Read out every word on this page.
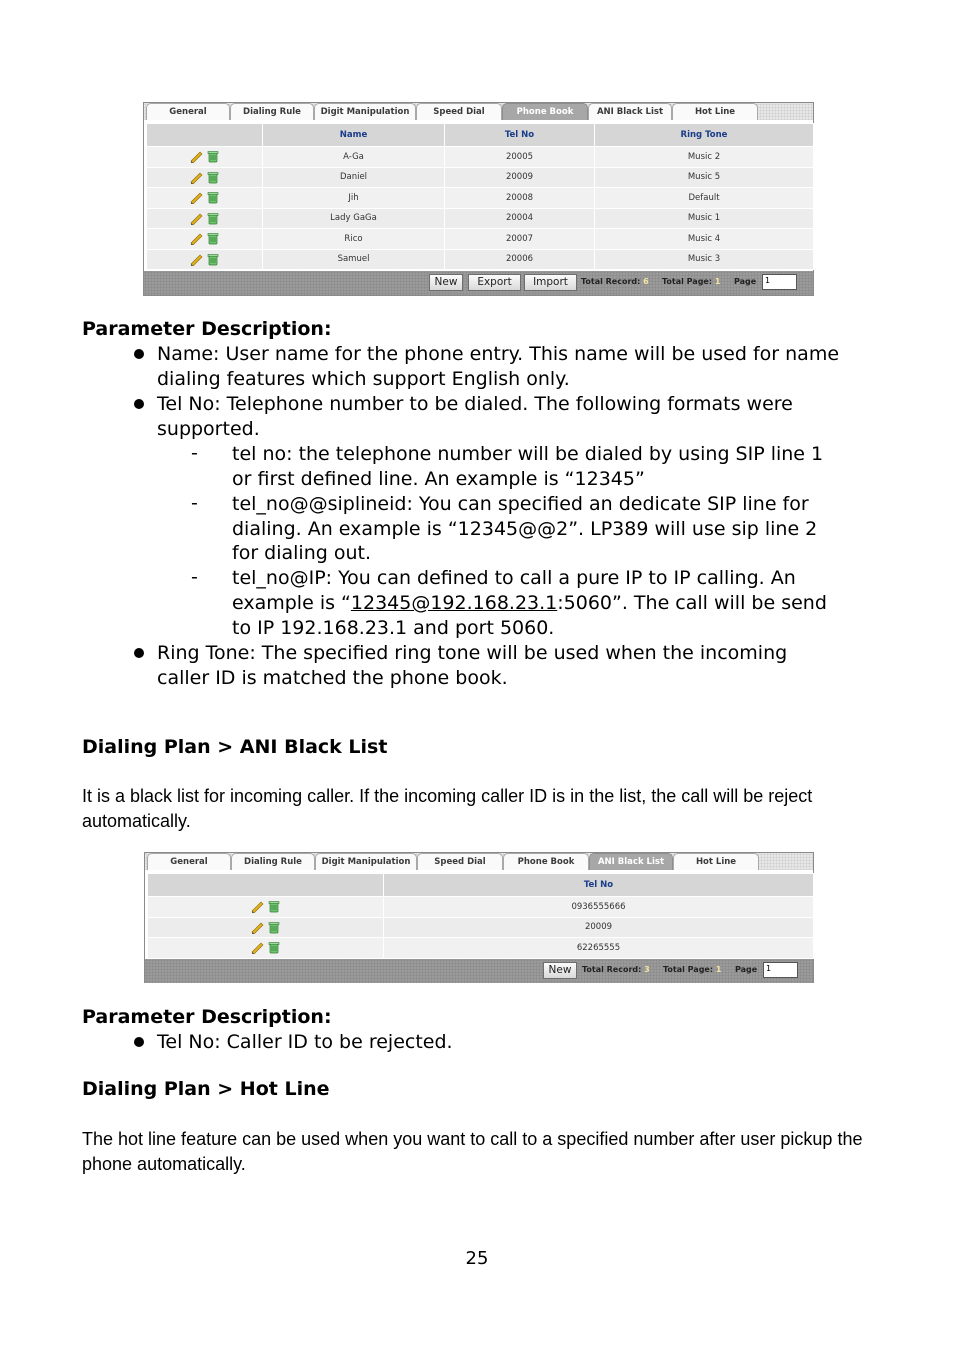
General	Dialing Rule	Digit Manipulation	Speed Dial	Phone Book	ANI Black List	Hot Line
	Name	Tel No	Ring Tone
	A-Ga	20005	Music 2
	Daniel	20009	Music 5
	Jih	20008	Default
	Lady GaGa	20004	Music 1
	Rico	20007	Music 4
	Samuel	20006	Music 3
New	Export	Import	Total Record: 6 Total Page: 1 Page	1
Parameter Description:
Name: User name for the phone entry. This name will be used for name
dialing features which support English only.
Tel No: Telephone number to be dialed. The following formats were
supported.
- tel no: the telephone number will be dialed by using SIP line 1
or first defined line. An example is “12345”
- tel_no@@siplineid: You can specified an dedicate SIP line for
dialing. An example is “12345@@2”. LP389 will use sip line 2
for dialing out.
- tel_no@IP: You can defined to call a pure IP to IP calling. An
example is “12345@192.168.23.1:5060”. The call will be send
to IP 192.168.23.1 and port 5060.
Ring Tone: The specified ring tone will be used when the incoming
caller ID is matched the phone book.
Dialing Plan > ANI Black List
It is a black list for incoming caller. If the incoming caller ID is in the list, the call will be reject automatically.
General	Dialing Rule	Digit Manipulation	Speed Dial	Phone Book	ANI Black List	Hot Line
	Tel No
	0936555666
	20009
	62265555
New	Total Record: 3 Total Page: 1 Page	1
Parameter Description:
Tel No: Caller ID to be rejected.
Dialing Plan > Hot Line
The hot line feature can be used when you want to call to a specified number after user pickup the phone automatically.
25
